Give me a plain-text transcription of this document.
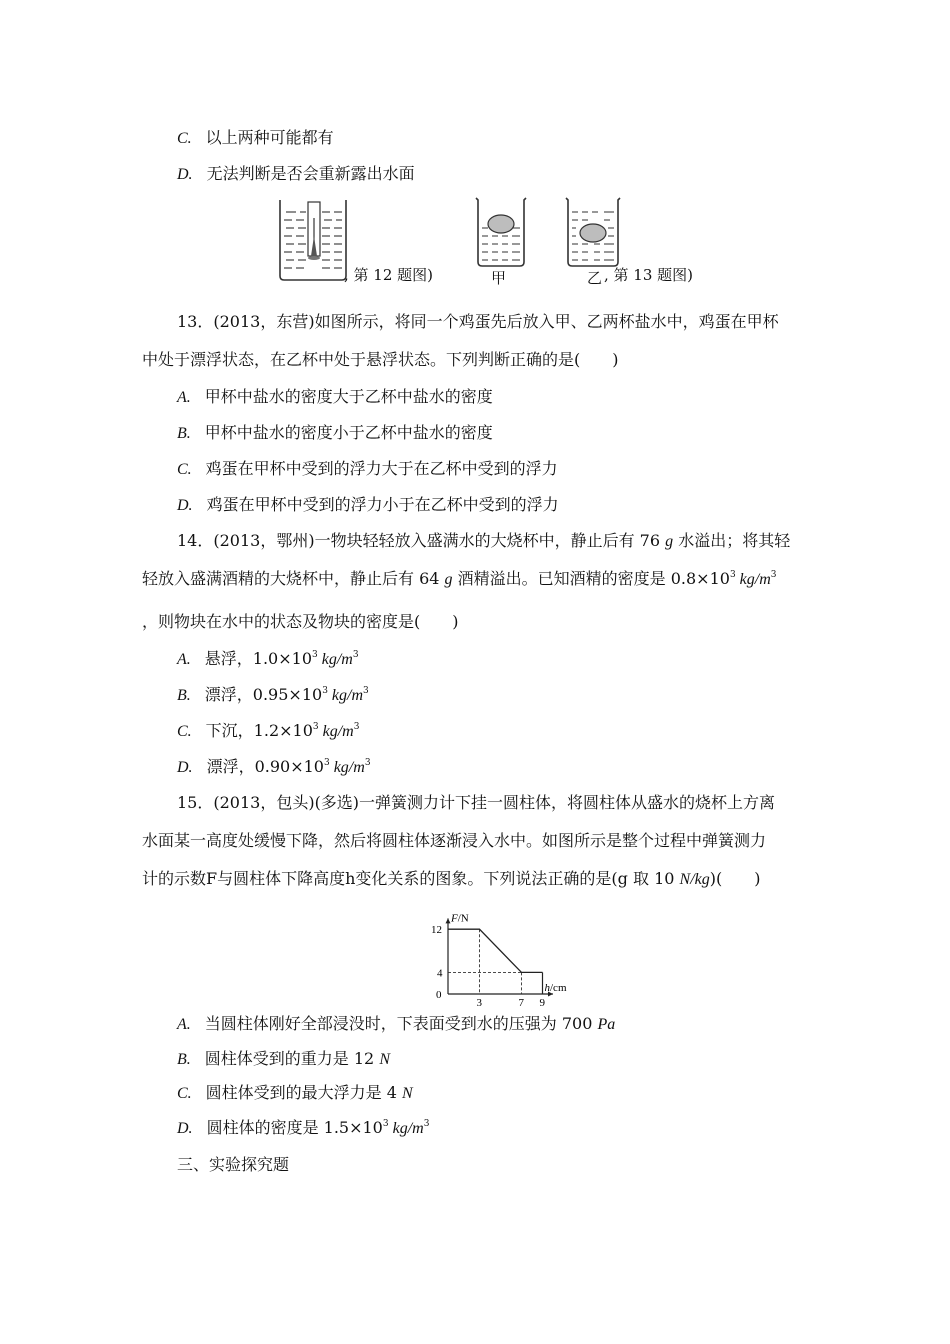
C. 以上两种可能都有
D. 无法判断是否会重新露出水面
, 第 12 题图)	甲	乙 , 第 13 题图)
13．(2013，东营)如图所示，将同一个鸡蛋先后放入甲、乙两杯盐水中，鸡蛋在甲杯
中处于漂浮状态，在乙杯中处于悬浮状态。下列判断正确的是(　　)
A. 甲杯中盐水的密度大于乙杯中盐水的密度
B. 甲杯中盐水的密度小于乙杯中盐水的密度
C. 鸡蛋在甲杯中受到的浮力大于在乙杯中受到的浮力
D. 鸡蛋在甲杯中受到的浮力小于在乙杯中受到的浮力
14．(2013，鄂州)一物块轻轻放入盛满水的大烧杯中，静止后有 76 g 水溢出；将其轻
轻放入盛满酒精的大烧杯中，静止后有 64 g 酒精溢出。已知酒精的密度是 $0.8\times 10^3$ $kg/m^3$
，则物块在水中的状态及物块的密度是(　　)
A. 悬浮，$1.0\times 10^3$ $kg/m^3$
B. 漂浮，$0.95\times 10^3$ $kg/m^3$
C. 下沉，$1.2\times 10^3$ $kg/m^3$
D. 漂浮，$0.90\times 10^3$ $kg/m^3$
15．(2013，包头)(多选)一弹簧测力计下挂一圆柱体，将圆柱体从盛水的烧杯上方离
水面某一高度处缓慢下降，然后将圆柱体逐渐浸入水中。如图所示是整个过程中弹簧测力
计的示数F与圆柱体下降高度h变化关系的图象。下列说法正确的是(g 取 10 N/kg)(　　)
0
3	7 9
4
12
F/N
h/cm
A. 当圆柱体刚好全部浸没时，下表面受到水的压强为 700 Pa
B. 圆柱体受到的重力是 12 N
C. 圆柱体受到的最大浮力是 4 N
D. 圆柱体的密度是 $1.5\times 10^3$ $kg/m^3$
三、实验探究题
